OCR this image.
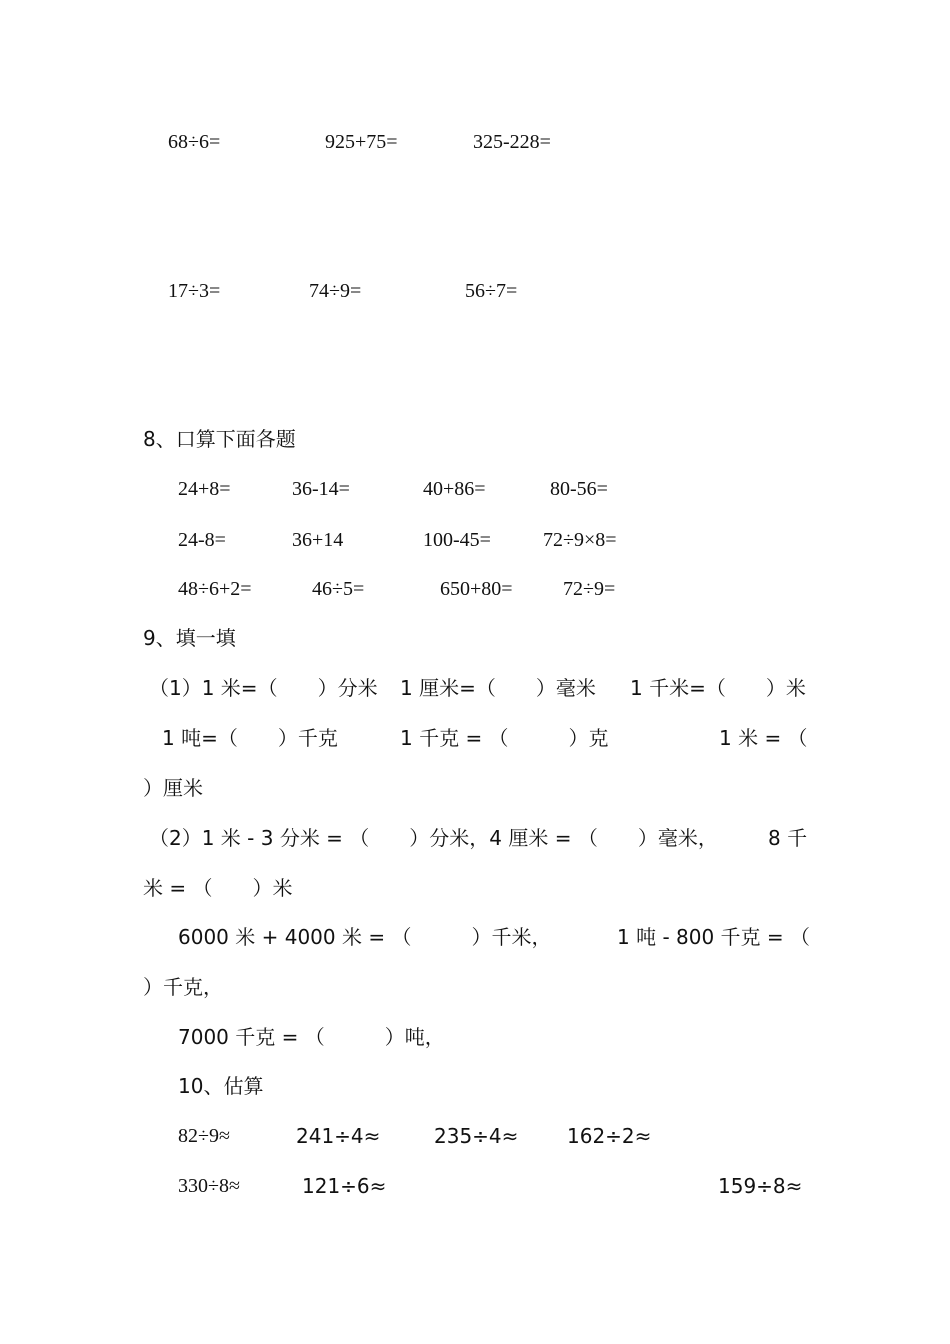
68÷6=	925+75=	325-228=
17÷3=	74÷9=	56÷7=
8、口算下面各题
24+8=	36-14=	40+86=	80-56=
24-8=	36+14	100-45=	72÷9×8=
48÷6+2=	46÷5=	650+80=	72÷9=
9、填一填
（1）1 米=（　　）分米 1 厘米=（　　）毫米 1 千米=（　　）米
1 吨=（　　）千克	1 千克 = （　　　）克	1 米 = （
）厘米
（2）1 米 - 3 分米 = （　　）分米，4 厘米 = （　　）毫米，	8 千
米 = （　　）米
6000 米 + 4000 米 = （　　　）千米，	1 吨 - 800 千克 = （
）千克，
7000 千克 = （　　　）吨，
10、估算
82÷9≈	241÷4≈	235÷4≈ 162÷2≈
330÷8≈	121÷6≈	159÷8≈
